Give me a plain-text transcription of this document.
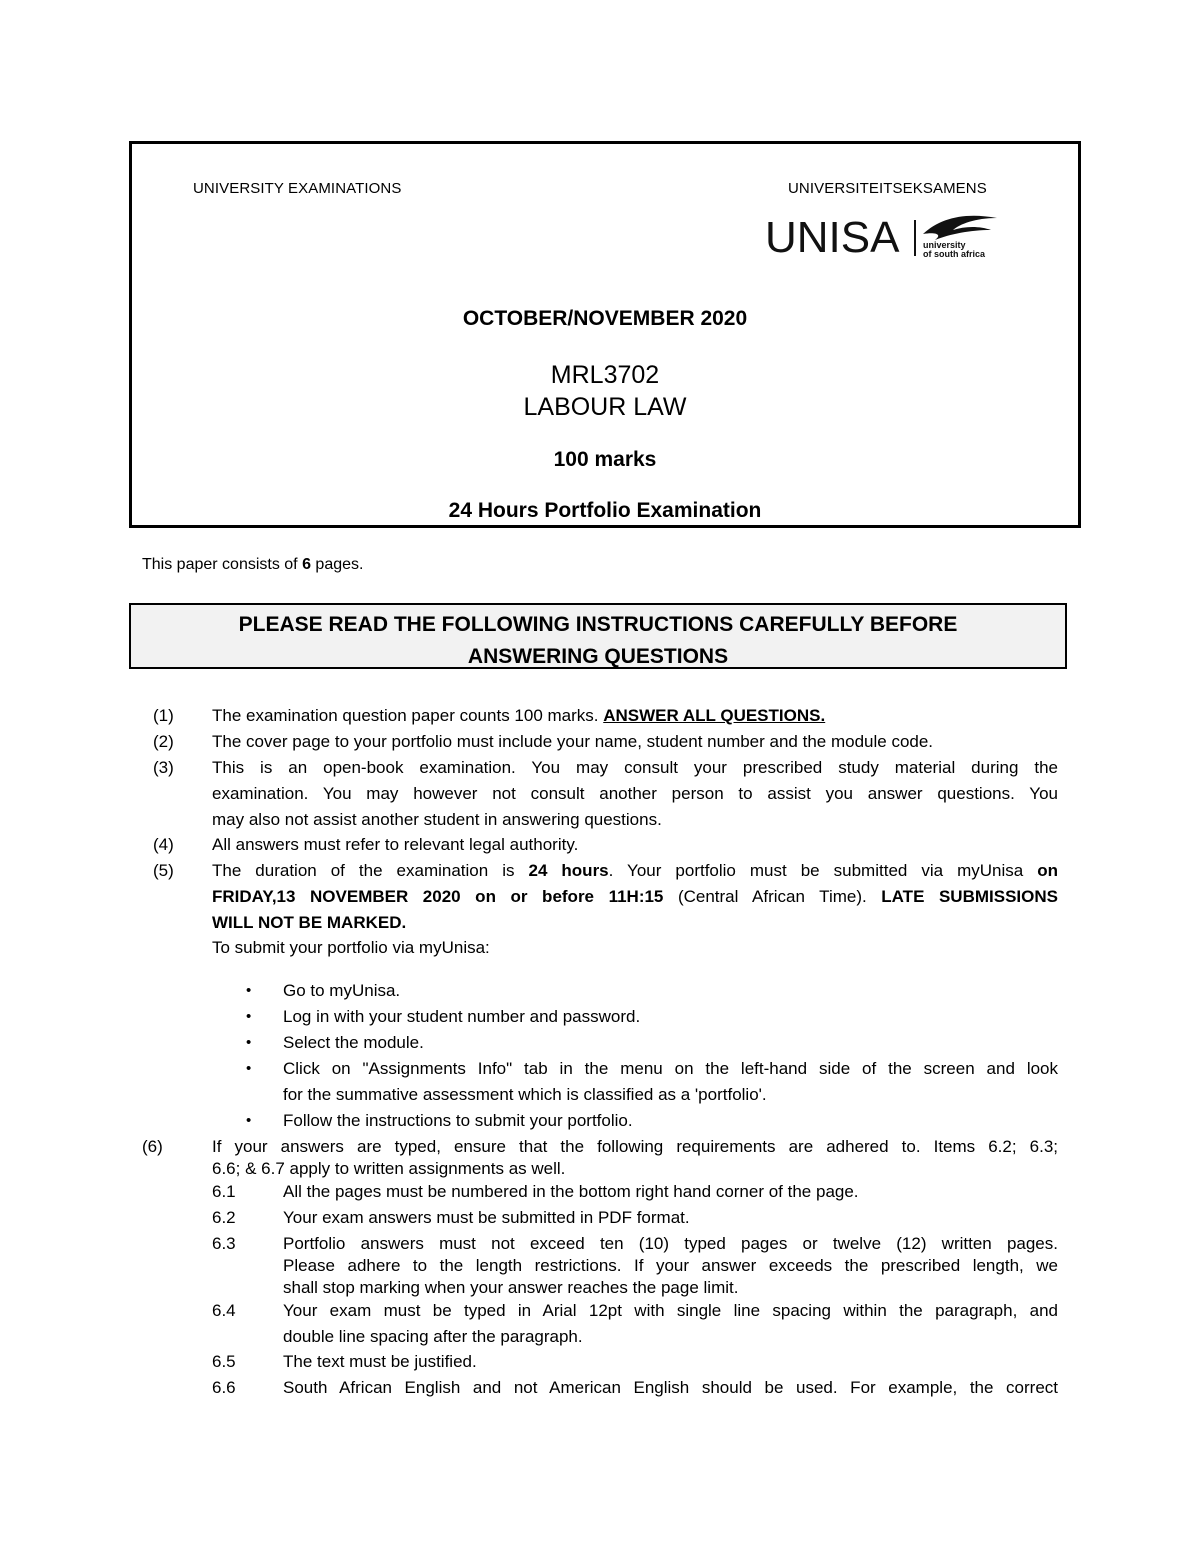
UNIVERSITY EXAMINATIONS	UNIVERSITEITSEKSAMENS
UNISA	university
of south africa
OCTOBER/NOVEMBER 2020
MRL3702
LABOUR LAW
100 marks
24 Hours Portfolio Examination
This paper consists of 6 pages.
PLEASE READ THE FOLLOWING INSTRUCTIONS CAREFULLY BEFORE
ANSWERING QUESTIONS
(1) The examination question paper counts 100 marks. ANSWER ALL QUESTIONS.
(2) The cover page to your portfolio must include your name, student number and the module code.
(3) This is an open-book examination. You may consult your prescribed study material during the
examination. You may however not consult another person to assist you answer questions. You
may also not assist another student in answering questions.
(4) All answers must refer to relevant legal authority.
(5) The duration of the examination is 24 hours. Your portfolio must be submitted via myUnisa on
FRIDAY,13 NOVEMBER 2020 on or before 11H:15 (Central African Time). LATE SUBMISSIONS
WILL NOT BE MARKED.
To submit your portfolio via myUnisa:
• Go to myUnisa.
• Log in with your student number and password.
• Select the module.
• Click on "Assignments Info" tab in the menu on the left-hand side of the screen and look
for the summative assessment which is classified as a 'portfolio'.
• Follow the instructions to submit your portfolio.
(6)	If your answers are typed, ensure that the following requirements are adhered to. Items 6.2; 6.3;
6.6; & 6.7 apply to written assignments as well.
6.1	All the pages must be numbered in the bottom right hand corner of the page.
6.2	Your exam answers must be submitted in PDF format.
6.3	Portfolio answers must not exceed ten (10) typed pages or twelve (12) written pages.
Please adhere to the length restrictions. If your answer exceeds the prescribed length, we
shall stop marking when your answer reaches the page limit.
6.4	Your exam must be typed in Arial 12pt with single line spacing within the paragraph, and
double line spacing after the paragraph.
6.5	The text must be justified.
6.6	South African English and not American English should be used. For example, the correct
